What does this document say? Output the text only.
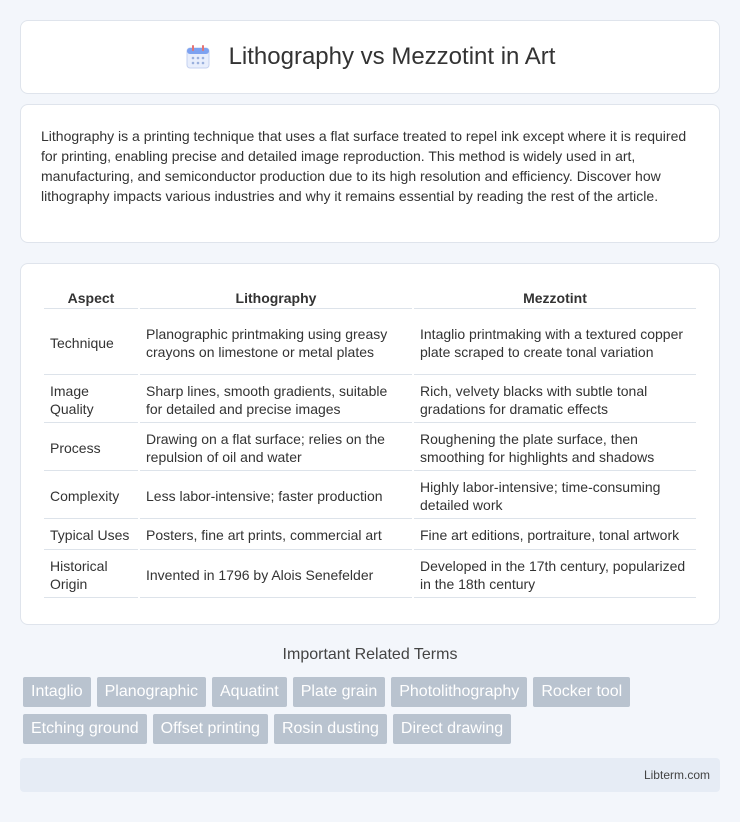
Lithography vs Mezzotint in Art

Lithography is a printing technique that uses a flat surface treated to repel ink except where it is required for printing, enabling precise and detailed image reproduction. This method is widely used in art, manufacturing, and semiconductor production due to its high resolution and efficiency. Discover how lithography impacts various industries and why it remains essential by reading the rest of the article.

Aspect	Lithography	Mezzotint
Technique	Planographic printmaking using greasy crayons on limestone or metal plates	Intaglio printmaking with a textured copper plate scraped to create tonal variation
Image Quality	Sharp lines, smooth gradients, suitable for detailed and precise images	Rich, velvety blacks with subtle tonal gradations for dramatic effects
Process	Drawing on a flat surface; relies on the repulsion of oil and water	Roughening the plate surface, then smoothing for highlights and shadows
Complexity	Less labor-intensive; faster production	Highly labor-intensive; time-consuming detailed work
Typical Uses	Posters, fine art prints, commercial art	Fine art editions, portraiture, tonal artwork
Historical Origin	Invented in 1796 by Alois Senefelder	Developed in the 17th century, popularized in the 18th century
Important Related Terms
Intaglio	Planographic	Aquatint	Plate grain	Photolithography	Rocker tool
Etching ground	Offset printing	Rosin dusting	Direct drawing
Libterm.com
